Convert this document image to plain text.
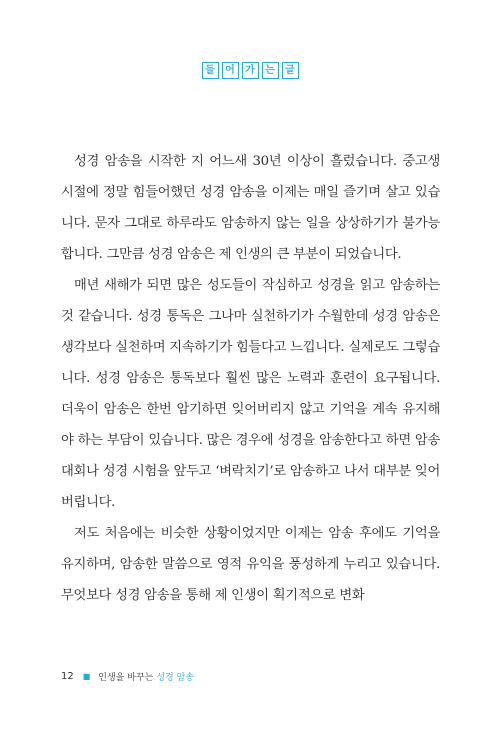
들	어	가	는	글

성경 암송을 시작한 지 어느새 30년 이상이 흘렀습니다. 중고생 시절에 정말 힘들어했던 성경 암송을 이제는 매일 즐기며 살고 있습니다. 문자 그대로 하루라도 암송하지 않는 일을 상상하기가 불가능합니다. 그만큼 성경 암송은 제 인생의 큰 부분이 되었습니다.

매년 새해가 되면 많은 성도들이 작심하고 성경을 읽고 암송하는 것 같습니다. 성경 통독은 그나마 실천하기가 수월한데 성경 암송은 생각보다 실천하며 지속하기가 힘들다고 느낍니다. 실제로도 그렇습니다. 성경 암송은 통독보다 훨씬 많은 노력과 훈련이 요구됩니다. 더욱이 암송은 한번 암기하면 잊어버리지 않고 기억을 계속 유지해야 하는 부담이 있습니다. 많은 경우에 성경을 암송한다고 하면 암송대회나 성경 시험을 앞두고 ‘벼락치기’로 암송하고 나서 대부분 잊어버립니다.

저도 처음에는 비슷한 상황이었지만 이제는 암송 후에도 기억을 유지하며, 암송한 말씀으로 영적 유익을 풍성하게 누리고 있습니다. 무엇보다 성경 암송을 통해 제 인생이 획기적으로 변화

12 ■ 인생을 바꾸는 성경 암송
